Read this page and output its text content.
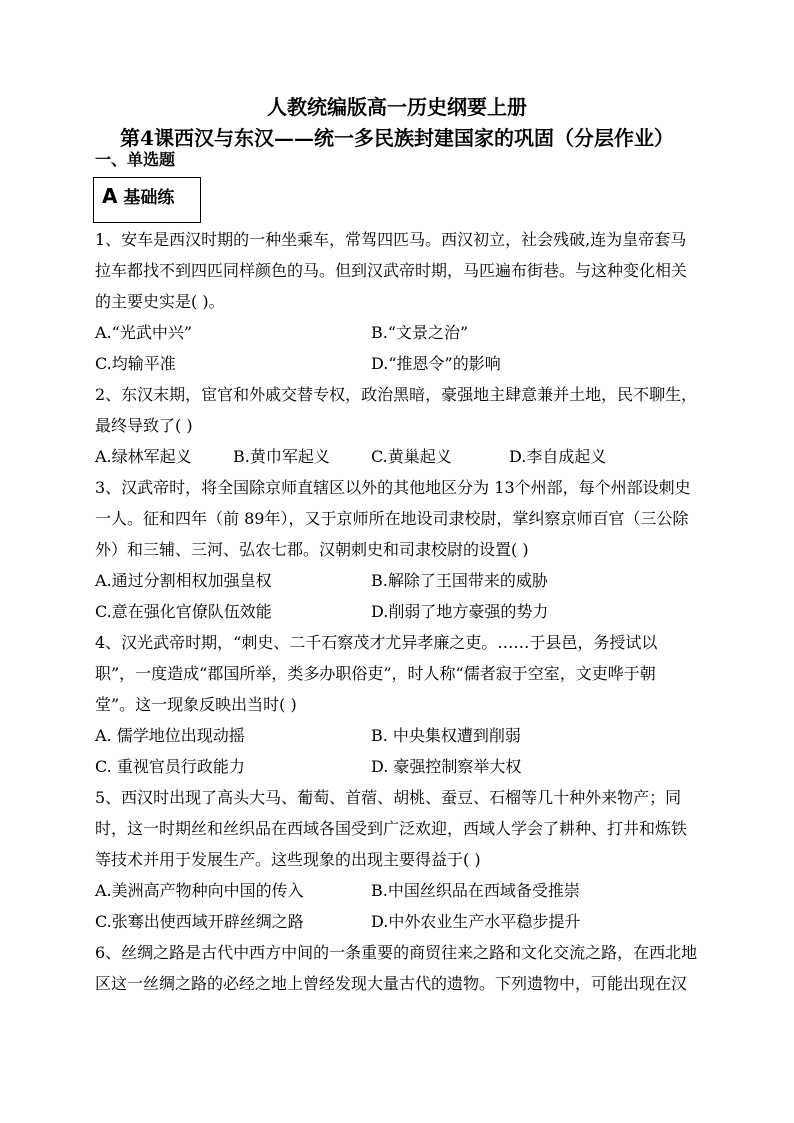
人教统编版高一历史纲要上册
第4课西汉与东汉——统一多民族封建国家的巩固（分层作业）
一、单选题
A 基础练
1、安车是西汉时期的一种坐乘车，常驾四匹马。西汉初立，社会残破,连为皇帝套马
拉车都找不到四匹同样颜色的马。但到汉武帝时期，马匹遍布街巷。与这种变化相关
的主要史实是( )。
A.“光武中兴”	B.“文景之治”
C.均输平准	D.“推恩令”的影响
2、东汉末期，宦官和外戚交替专权，政治黑暗，豪强地主肆意兼并土地，民不聊生，
最终导致了( )
A.绿林军起义	B.黄巾军起义	C.黄巢起义	D.李自成起义
3、汉武帝时，将全国除京师直辖区以外的其他地区分为 13个州部，每个州部设刺史
一人。征和四年（前 89年），又于京师所在地设司隶校尉，掌纠察京师百官（三公除
外）和三辅、三河、弘农七郡。汉朝刺史和司隶校尉的设置( )
A.通过分割相权加强皇权	B.解除了王国带来的威胁
C.意在强化官僚队伍效能	D.削弱了地方豪强的势力
4、汉光武帝时期，“刺史、二千石察茂才尤异孝廉之吏。……于县邑，务授试以
职”，一度造成“郡国所举，类多办职俗吏”，时人称“儒者寂于空室，文吏哗于朝
堂”。这一现象反映出当时( )
A. 儒学地位出现动摇	B. 中央集权遭到削弱
C. 重视官员行政能力	D. 豪强控制察举大权
5、西汉时出现了高头大马、葡萄、首蓿、胡桃、蚕豆、石榴等几十种外来物产；同
时，这一时期丝和丝织品在西域各国受到广泛欢迎，西域人学会了耕种、打井和炼铁
等技术并用于发展生产。这些现象的出现主要得益于( )
A.美洲高产物种向中国的传入	B.中国丝织品在西域备受推崇
C.张骞出使西域开辟丝绸之路	D.中外农业生产水平稳步提升
6、丝绸之路是古代中西方中间的一条重要的商贸往来之路和文化交流之路，在西北地
区这一丝绸之路的必经之地上曾经发现大量古代的遗物。下列遗物中，可能出现在汉
